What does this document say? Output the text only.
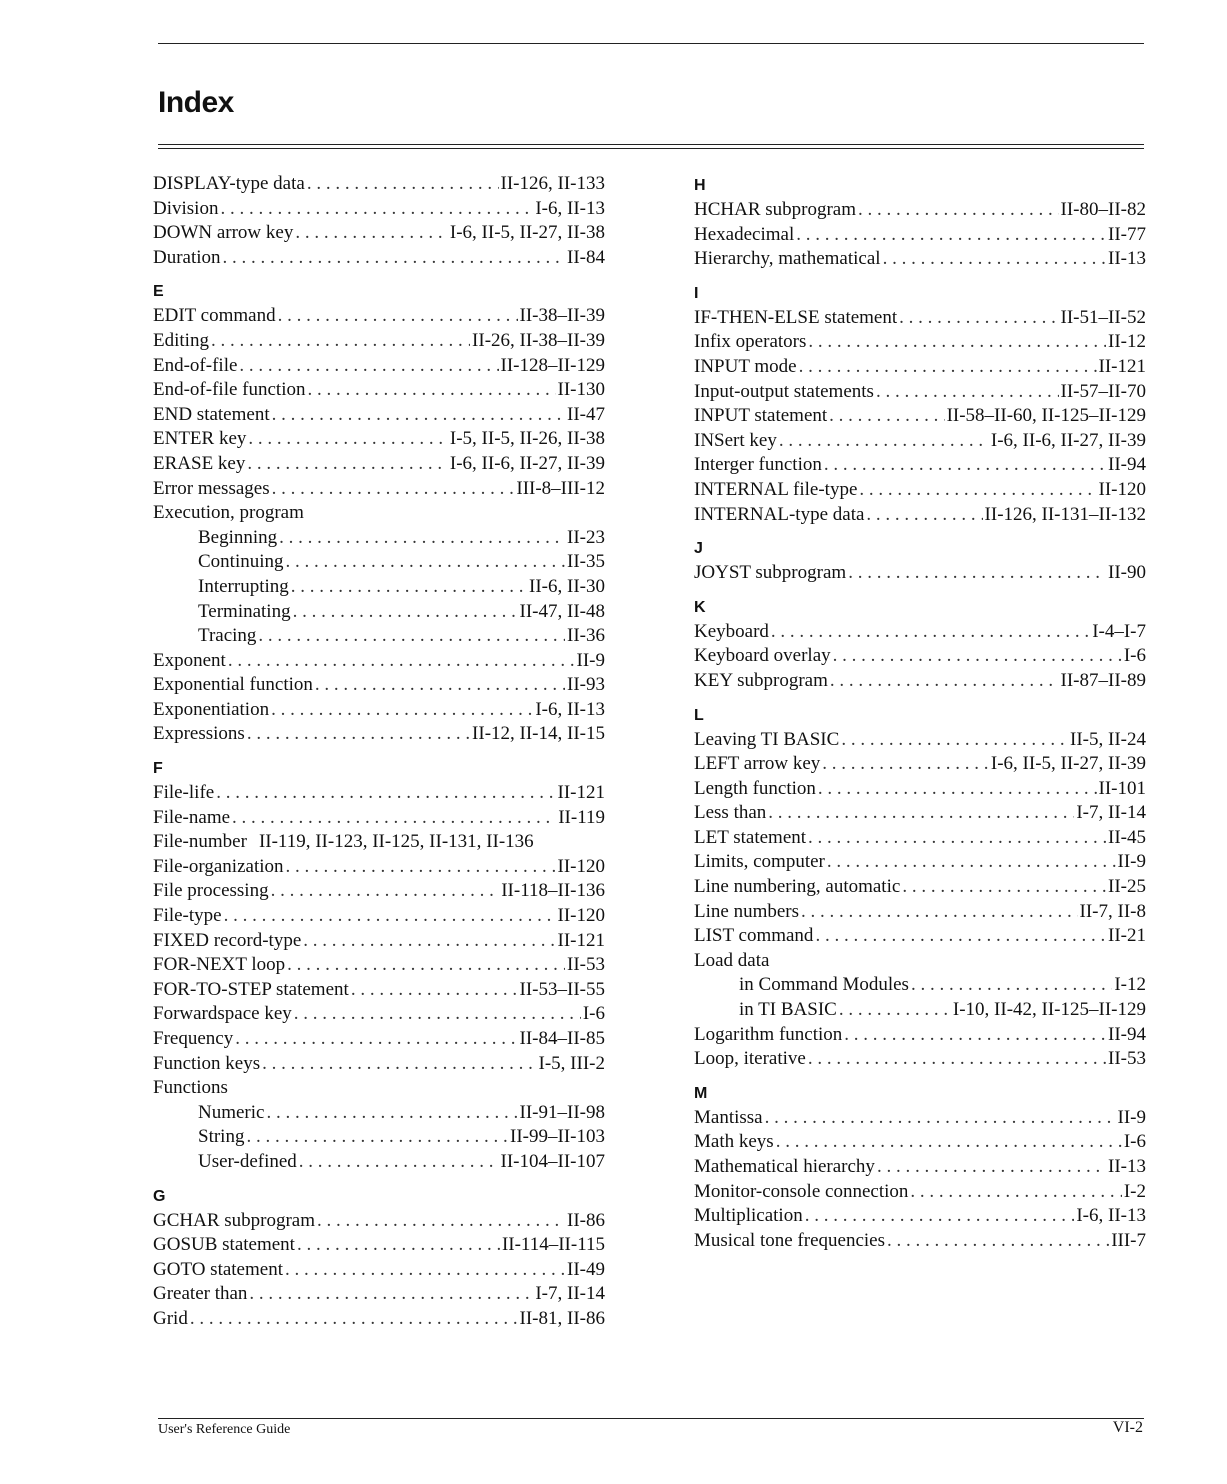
Index
DISPLAY-type data . . .	II-126, II-133
Division . . .	I-6, II-13
DOWN arrow key . . .	I-6, II-5, II-27, II-38
Duration . . .	II-84
E
EDIT command . . .	II-38–II-39
Editing . . .	II-26, II-38–II-39
End-of-file . . .	II-128–II-129
End-of-file function . . .	II-130
END statement . . .	II-47
ENTER key . . .	I-5, II-5, II-26, II-38
ERASE key . . .	I-6, II-6, II-27, II-39
Error messages . . .	III-8–III-12
Execution, program
Beginning . . .	II-23
Continuing . . .	II-35
Interrupting . . .	II-6, II-30
Terminating . . .	II-47, II-48
Tracing . . .	II-36
Exponent . . .	II-9
Exponential function . . .	II-93
Exponentiation . . .	I-6, II-13
Expressions . . .	II-12, II-14, II-15
F
File-life . . .	II-121
File-name . . .	II-119
File-number II-119, II-123, II-125, II-131, II-136
File-organization . . .	II-120
File processing . . .	II-118–II-136
File-type . . .	II-120
FIXED record-type . . .	II-121
FOR-NEXT loop . . .	II-53
FOR-TO-STEP statement . . .	II-53–II-55
Forwardspace key . . .	I-6
Frequency . . .	II-84–II-85
Function keys . . .	I-5, III-2
Functions
Numeric . . .	II-91–II-98
String . . .	II-99–II-103
User-defined . . .	II-104–II-107
G
GCHAR subprogram . . .	II-86
GOSUB statement . . .	II-114–II-115
GOTO statement . . .	II-49
Greater than . . .	I-7, II-14
Grid . . .	II-81, II-86
H
HCHAR subprogram . . .	II-80–II-82
Hexadecimal . . .	II-77
Hierarchy, mathematical . . .	II-13
I
IF-THEN-ELSE statement . . .	II-51–II-52
Infix operators . . .	II-12
INPUT mode . . .	II-121
Input-output statements . . .	II-57–II-70
INPUT statement . . .	II-58–II-60, II-125–II-129
INSert key . . .	I-6, II-6, II-27, II-39
Interger function . . .	II-94
INTERNAL file-type . . .	II-120
INTERNAL-type data . . .	II-126, II-131–II-132
J
JOYST subprogram . . .	II-90
K
Keyboard . . .	I-4–I-7
Keyboard overlay . . .	I-6
KEY subprogram . . .	II-87–II-89
L
Leaving TI BASIC . . .	II-5, II-24
LEFT arrow key . . .	I-6, II-5, II-27, II-39
Length function . . .	II-101
Less than . . .	I-7, II-14
LET statement . . .	II-45
Limits, computer . . .	II-9
Line numbering, automatic . . .	II-25
Line numbers . . .	II-7, II-8
LIST command . . .	II-21
Load data
in Command Modules . . .	I-12
in TI BASIC . . .	I-10, II-42, II-125–II-129
Logarithm function . . .	II-94
Loop, iterative . . .	II-53
M
Mantissa . . .	II-9
Math keys . . .	I-6
Mathematical hierarchy . . .	II-13
Monitor-console connection . . .	I-2
Multiplication . . .	I-6, II-13
Musical tone frequencies . . .	III-7
User's Reference Guide	VI-2
